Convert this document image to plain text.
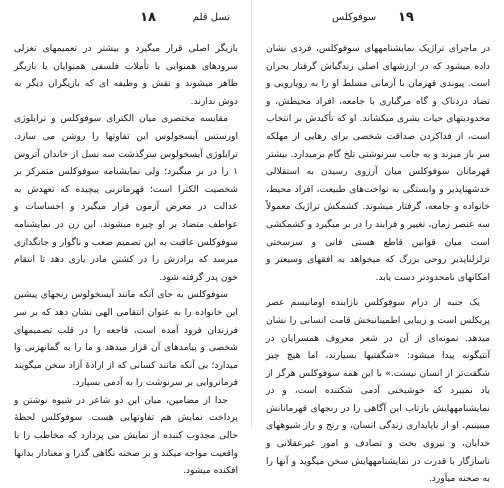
۱۸	نسل قلم

بازیگر اصلی قرار میگیرد و بیشتر در تعمیمهای تغزلی سرودهای همنوایی یا تأملات فلسفی همنوایان یا بازیگر ظاهر میشوند و نقش و وظیفه ای که بازیگران دیگر به دوش ندارند.

مقایسه مختصری میان الکترای سوفوکلس و ترایلوژی اورستس آیسخولوس این تفاوتها را روشن می سازد. ترایلوژی آیسخولوس سرگذشت سه نسل از خاندان آتروس ۱ را در بر میگیرد؛ ولی نمایشنامه سوفوکلس متمرکز بر شخصیت الکترا است؛ قهرمانزنی پیچیده که تعهدش به عدالت در معرض آزمون قرار میگیرد و احساسات و عواطف متضاد بر او چیره میشوند. این زن در نمایشنامه سوفوکلس عاقبت به این تصمیم صعب و ناگوار و جانگدازی میرسد که برادرش را در کشتن مادر یاری دهد تا انتقام خون پدر گرفته شود.

سوفوکلس به جای آنکه مانند آیسخولوس رنجهای پیشین این خانواده را به عنوان انتقامی الهی نشان دهد که بر سر فرزندان فرود آمده است، فاجعه را در قلب تصمیمهای شخصی و پیامدهای آن قرار میدهد و ما را به گمانهزنی وا میدارد؛ بی آنکه مانند کسانی که از ارادهٔ آزاد سخن میگویند فرمانروایی بر سرنوشت را به آدمی بسپارد.

جدا از مضامین، میان این دو شاعر در شیوه نوشتن و پرداخت نمایش هم تفاوتهایی هست. سوفوکلس لحظهٔ حالی مجذوب کننده از نمایش می پردازد که مخاطب را با واقعیت مواجه میکند و بر صحنه نگاهی گذرا و معنادار بدانها افکنده میشود.

۱۹
سوفوکلس

در ماجرای تراژیک نمایشنامههای سوفوکلس، فردی نشان داده میشود که در ارزشهای اصلی زندگیاش گرفتار بحران است. پیوندی قهرمان با آرمانی مسلط او را به رویارویی و تضاد دردناک و گاه مرگباری با جامعه، افراد محیطش، و محدودیتهای حیات بشری میکشاند. او که تأکیدش بر انتخاب است، از فداکردن صداقت شخصی برای رهایی از مهلکه سر باز میزند و به جانب سرنوشتی تلخ گام برمیدارد. بیشتر قهرمانان سوفوکلس میان آرزوی رسیدن به استقلالی خدشهناپذیر و وابستگی به نواخت‌های طبیعت، افراد محیط، خانواده و جامعه، گرفتار میشوند. کشمکش تراژیک معمولاً سه عنصر زمان، تغییر و فرایند را در بر میگیرد و کشمکشی است میان قوانین قاطع هستی فانی و سرسختی تزلزلناپذیر روحی بزرگ که میخواهد به افقهای وسیعتر و امکانهای نامحدودتر دست یابد.

یک جنبه از درام سوفوکلس نازاینده اومانیسم عصر پریکلس است و زیبایی اطمینانبخش قامت انسانی را نشان میدهد. نمونه‌ای از آن در شعر معروف همسرایان در آنتیگونه پیدا میشود: «شگفتیها بسیارند، اما هیچ چیز شگفت‌تر از انسان نیست.» با این همه سوفوکلس هرگز از یاد نمیبرد که خوشبختی آدمی شکننده است، و در نمایشنامههایش بازتاب این آگاهی را در رنجهای قهرمانانش میبینیم. او از ناپایداری زندگی انسان، و رنج و راز شیوههای خدایان، و نیروی بخت و تصادف و امور غیرعقلانی و ناسازگار با قدرت در نمایشنامههایش سخن میگوید و آنها را به صحنه میآورد.
